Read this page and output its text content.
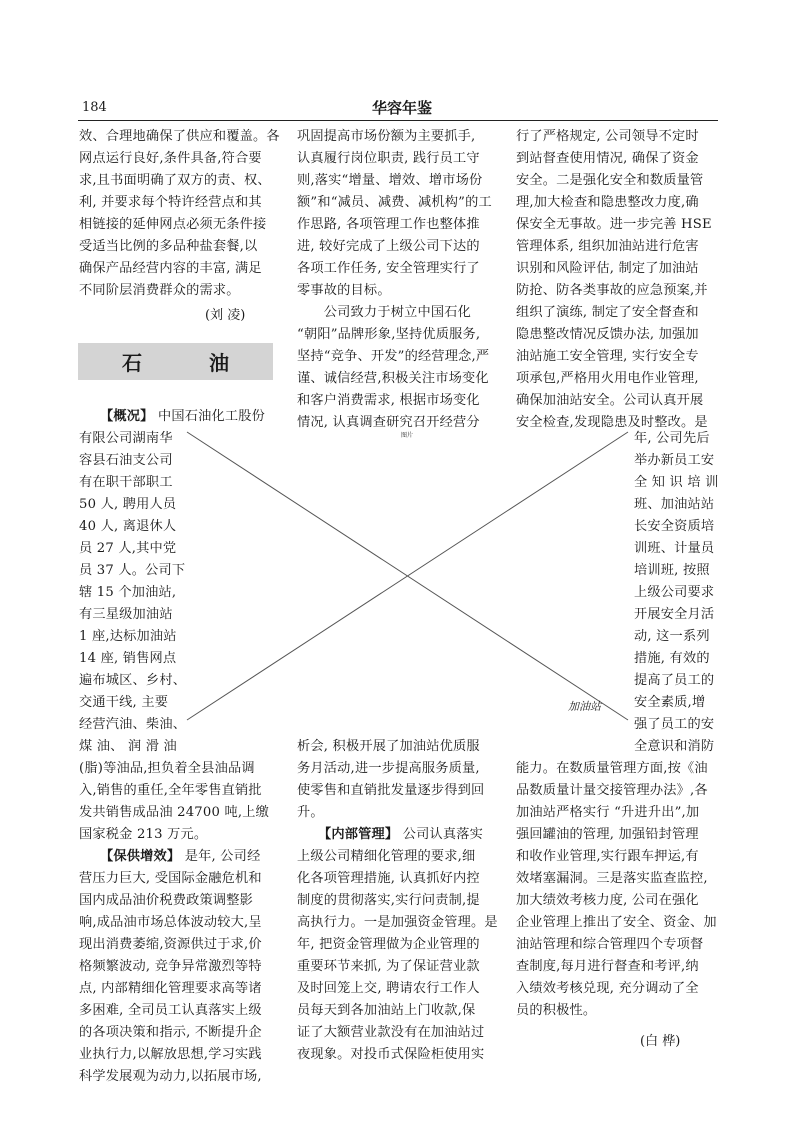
184	华容年鉴
效、合理地确保了供应和覆盖。各
网点运行良好,条件具备,符合要
求,且书面明确了双方的责、权、
利, 并要求每个特许经营点和其
相链接的延伸网点必须无条件接
受适当比例的多品种盐套餐,以
确保产品经营内容的丰富, 满足
不同阶层消费群众的需求。
(刘 凌)
石 油
【概况】 中国石油化工股份
有限公司湖南华
容县石油支公司
有在职干部职工
50 人, 聘用人员
40 人, 离退休人
员 27 人,其中党
员 37 人。公司下
辖 15 个加油站,
有三星级加油站
1 座,达标加油站
14 座, 销售网点
遍布城区、乡村、
交通干线, 主要
经营汽油、柴油、
煤 油、 润 滑 油
(脂)等油品,担负着全县油品调
入,销售的重任,全年零售直销批
发共销售成品油 24700 吨,上缴
国家税金 213 万元。
【保供增效】 是年, 公司经
营压力巨大, 受国际金融危机和
国内成品油价税费政策调整影
响,成品油市场总体波动较大,呈
现出消费萎缩,资源供过于求,价
格频繁波动, 竞争异常激烈等特
点, 内部精细化管理要求高等诸
多困难, 全司员工认真落实上级
的各项决策和指示, 不断提升企
业执行力,以解放思想,学习实践
科学发展观为动力,以拓展市场,
巩固提高市场份额为主要抓手,
认真履行岗位职责, 践行员工守
则,落实“增量、增效、增市场份
额”和“减员、减费、减机构”的工
作思路, 各项管理工作也整体推
进, 较好完成了上级公司下达的
各项工作任务, 安全管理实行了
零事故的目标。
　　公司致力于树立中国石化
“朝阳”品牌形象,坚持优质服务,
坚持“竞争、开发”的经营理念,严
谨、诚信经营,积极关注市场变化
和客户消费需求, 根据市场变化
情况, 认真调查研究召开经营分
析会, 积极开展了加油站优质服
务月活动,进一步提高服务质量,
使零售和直销批发量逐步得到回
升。
【内部管理】 公司认真落实
上级公司精细化管理的要求,细
化各项管理措施, 认真抓好内控
制度的贯彻落实,实行问责制,提
高执行力。一是加强资金管理。是
年, 把资金管理做为企业管理的
重要环节来抓, 为了保证营业款
及时回笼上交, 聘请农行工作人
员每天到各加油站上门收款,保
证了大额营业款没有在加油站过
夜现象。对投币式保险柜使用实
行了严格规定, 公司领导不定时
到站督查使用情况, 确保了资金
安全。二是强化安全和数质量管
理,加大检查和隐患整改力度,确
保安全无事故。进一步完善 HSE
管理体系, 组织加油站进行危害
识别和风险评估, 制定了加油站
防抢、防各类事故的应急预案,并
组织了演练, 制定了安全督查和
隐患整改情况反馈办法, 加强加
油站施工安全管理, 实行安全专
项承包,严格用火用电作业管理,
确保加油站安全。公司认真开展
安全检查,发现隐患及时整改。是
年, 公司先后
举办新员工安
全 知 识 培 训
班、加油站站
长安全资质培
训班、计量员
培训班, 按照
上级公司要求
开展安全月活
动, 这一系列
措施, 有效的
提高了员工的
安全素质,增
强了员工的安
全意识和消防
能力。在数质量管理方面,按《油
品数质量计量交接管理办法》,各
加油站严格实行 “升进升出”,加
强回罐油的管理, 加强铅封管理
和收作业管理,实行跟车押运,有
效堵塞漏洞。三是落实监查监控,
加大绩效考核力度, 公司在强化
企业管理上推出了安全、资金、加
油站管理和综合管理四个专项督
查制度,每月进行督查和考评,纳
入绩效考核兑现, 充分调动了全
员的积极性。
(白 桦)
图片
加油站
